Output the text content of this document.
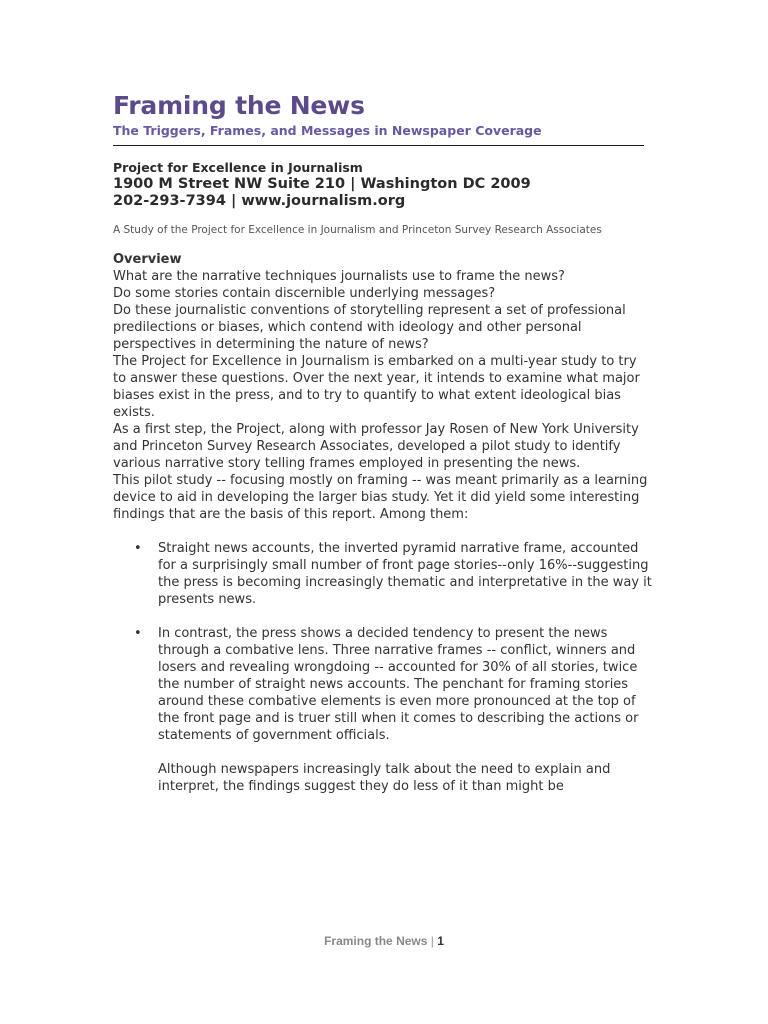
Framing the News
The Triggers, Frames, and Messages in Newspaper Coverage
Project for Excellence in Journalism
1900 M Street NW Suite 210 | Washington DC 2009
202-293-7394 | www.journalism.org
A Study of the Project for Excellence in Journalism and Princeton Survey Research Associates
Overview

What are the narrative techniques journalists use to frame the news?

Do some stories contain discernible underlying messages?

Do these journalistic conventions of storytelling represent a set of professional predilections or biases, which contend with ideology and other personal perspectives in determining the nature of news?

The Project for Excellence in Journalism is embarked on a multi-year study to try to answer these questions. Over the next year, it intends to examine what major biases exist in the press, and to try to quantify to what extent ideological bias exists.

As a first step, the Project, along with professor Jay Rosen of New York University and Princeton Survey Research Associates, developed a pilot study to identify various narrative story telling frames employed in presenting the news.

This pilot study -- focusing mostly on framing -- was meant primarily as a learning device to aid in developing the larger bias study. Yet it did yield some interesting findings that are the basis of this report. Among them:

• Straight news accounts, the inverted pyramid narrative frame, accounted for a surprisingly small number of front page stories--only 16%--suggesting the press is becoming increasingly thematic and interpretative in the way it presents news.
• In contrast, the press shows a decided tendency to present the news through a combative lens. Three narrative frames -- conflict, winners and losers and revealing wrongdoing -- accounted for 30% of all stories, twice the number of straight news accounts. The penchant for framing stories around these combative elements is even more pronounced at the top of the front page and is truer still when it comes to describing the actions or statements of government officials.

Although newspapers increasingly talk about the need to explain and interpret, the findings suggest they do less of it than might be

Framing the News | 1
